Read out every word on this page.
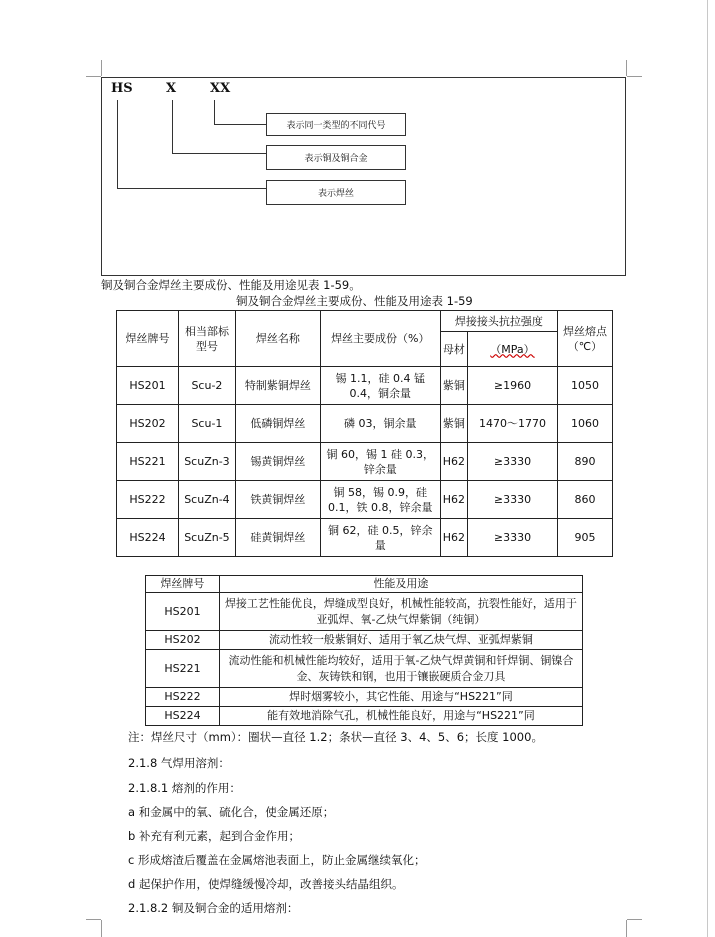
HS	X	XX
表示同一类型的不同代号
表示铜及铜合金
表示焊丝
铜及铜合金焊丝主要成份、性能及用途见表 1-59。
铜及铜合金焊丝主要成份、性能及用途表 1-59
焊丝牌号	相当部标型号	焊丝名称	焊丝主要成份（%）	焊接接头抗拉强度		焊丝熔点（℃）
				母材	（MPa）	
HS201	Scu-2	特制紫铜焊丝	锡 1.1，硅 0.4 锰 0.4，铜余量	紫铜	≥1960	1050
HS202	Scu-1	低磷铜焊丝	磷 03，铜余量	紫铜	1470～1770	1060
HS221	ScuZn-3	锡黄铜焊丝	铜 60，锡 1 硅 0.3，锌余量	H62	≥3330	890
HS222	ScuZn-4	铁黄铜焊丝	铜 58，锡 0.9，硅 0.1，铁 0.8，锌余量	H62	≥3330	860
HS224	ScuZn-5	硅黄铜焊丝	铜 62，硅 0.5，锌余量	H62	≥3330	905
焊丝牌号	性能及用途
HS201	焊接工艺性能优良，焊缝成型良好，机械性能较高，抗裂性能好，适用于亚弧焊、氧-乙炔气焊紫铜（纯铜）
HS202	流动性较一般紫铜好、适用于氧乙炔气焊、亚弧焊紫铜
HS221	流动性能和机械性能均较好，适用于氧-乙炔气焊黄铜和钎焊铜、铜镍合金、灰铸铁和钢，也用于镶嵌硬质合金刀具
HS222	焊时烟雾较小，其它性能、用途与“HS221”同
HS224	能有效地消除气孔，机械性能良好，用途与“HS221”同
注：焊丝尺寸（mm）：圈状—直径 1.2；条状—直径 3、4、5、6；长度 1000。
2.1.8 气焊用溶剂：
2.1.8.1 熔剂的作用：
a 和金属中的氧、硫化合，使金属还原；
b 补充有利元素，起到合金作用；
c 形成熔渣后覆盖在金属熔池表面上，防止金属继续氧化；
d 起保护作用，使焊缝缓慢冷却，改善接头结晶组织。
2.1.8.2 铜及铜合金的适用熔剂：
